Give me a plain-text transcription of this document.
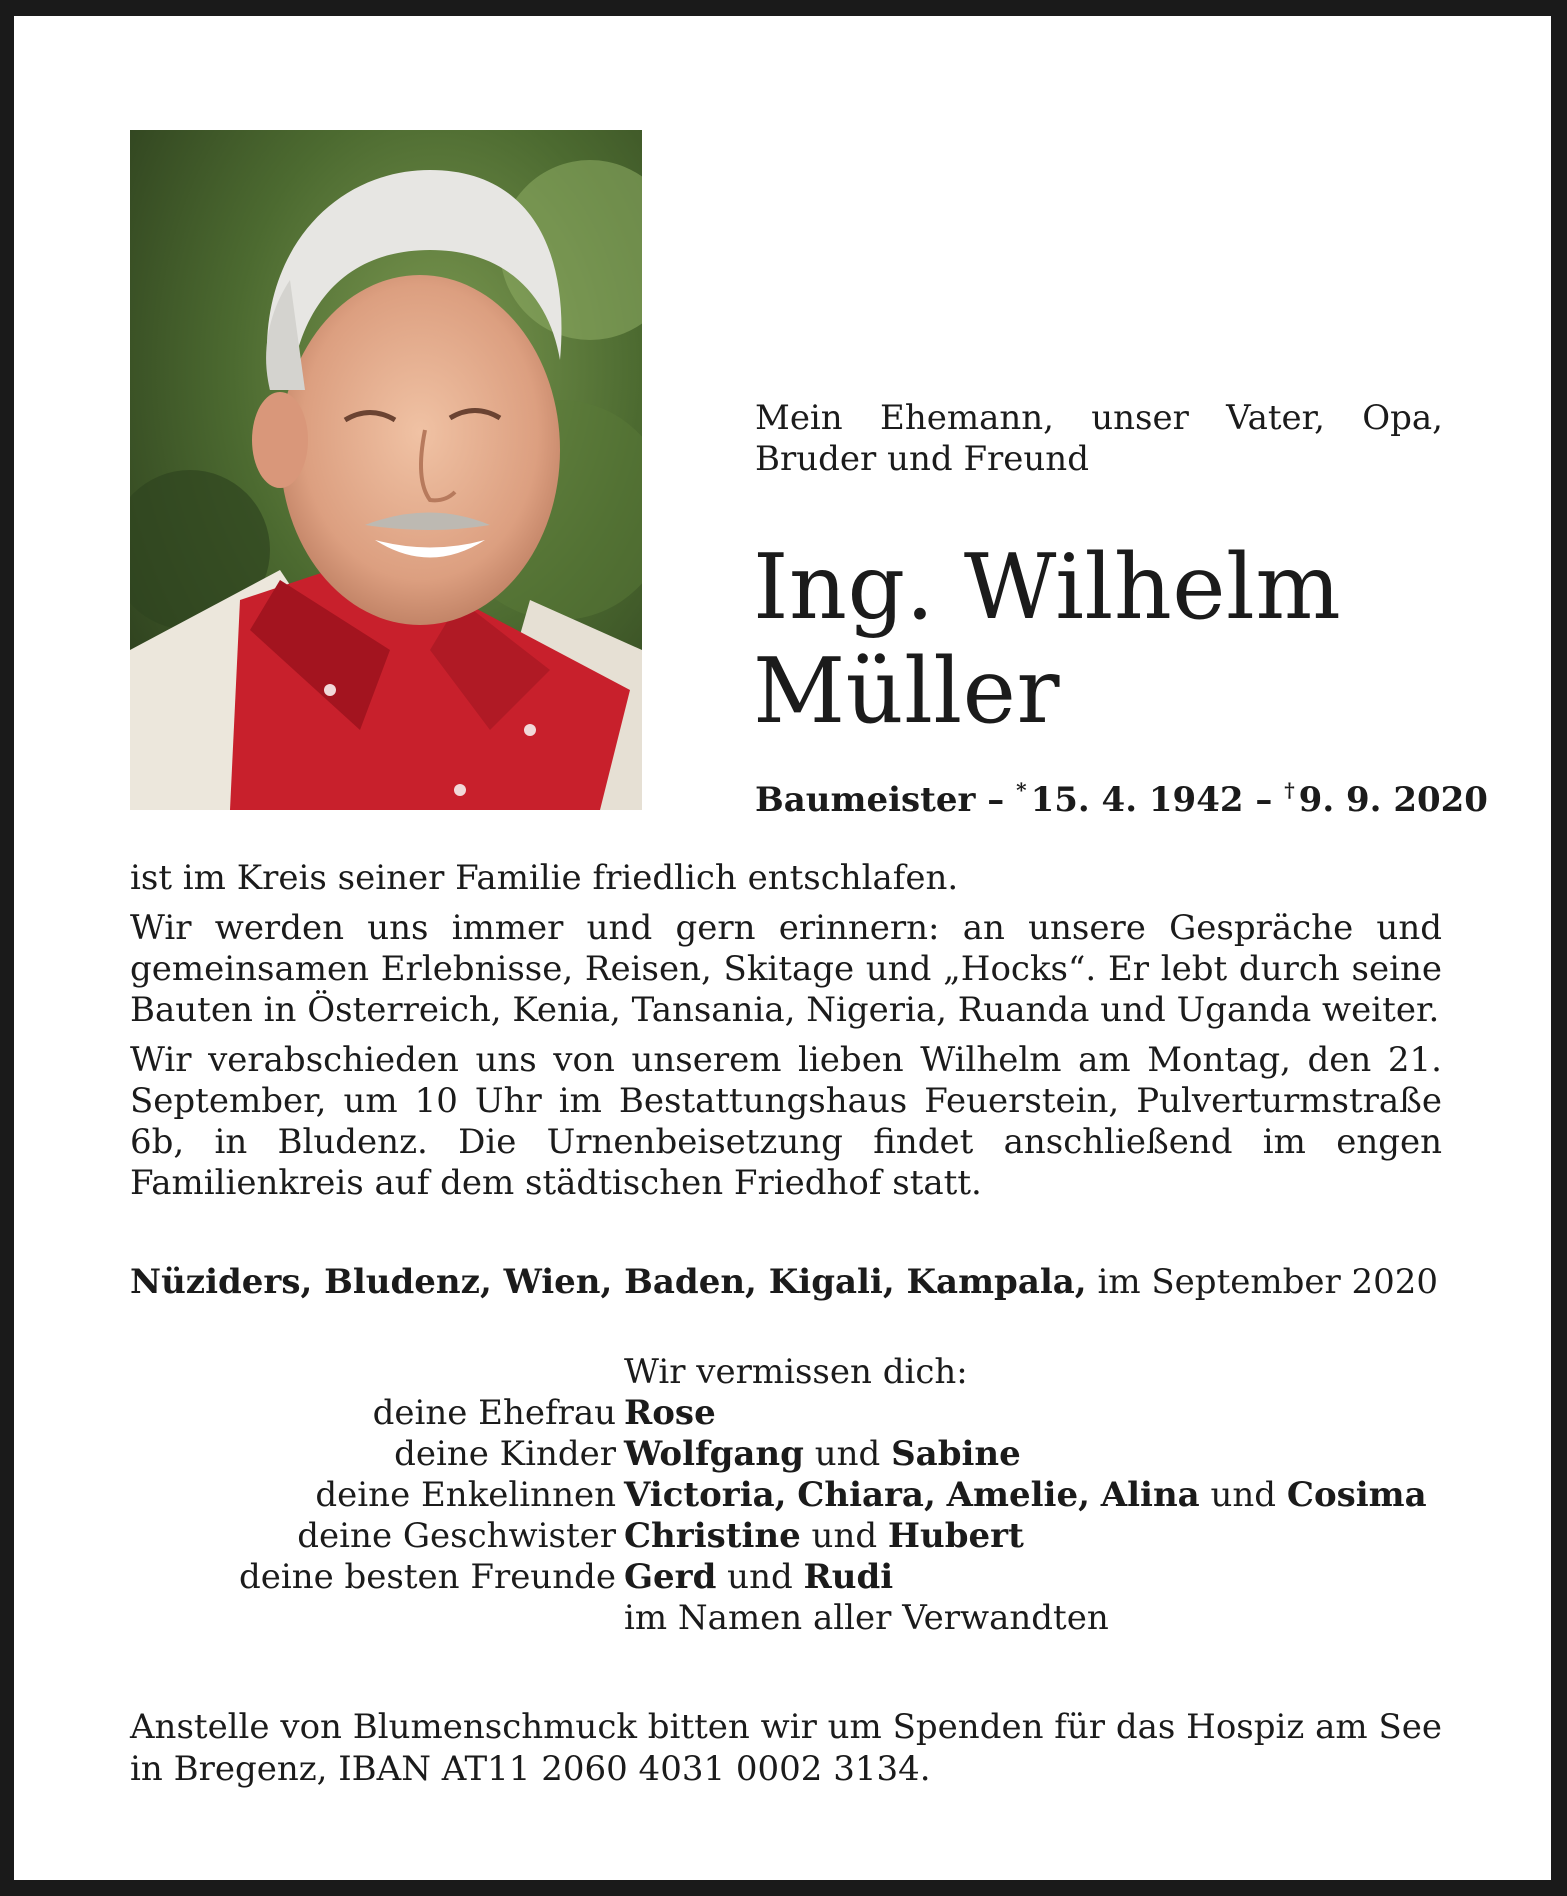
Mein Ehemann, unser Vater, Opa, Bruder und Freund
Ing. Wilhelm
Müller
Baumeister – * 15. 4. 1942 – † 9. 9. 2020

ist im Kreis seiner Familie friedlich entschlafen.

Wir werden uns immer und gern erinnern: an unsere Gespräche und gemeinsamen Erlebnisse, Reisen, Skitage und „Hocks“. Er lebt durch seine Bauten in Österreich, Kenia, Tansania, Nigeria, Ruanda und Uganda weiter.

Wir verabschieden uns von unserem lieben Wilhelm am Montag, den 21. September, um 10 Uhr im Bestattungshaus Feuerstein, Pulverturmstraße 6b, in Bludenz. Die Urnenbeisetzung findet anschließend im engen Familienkreis auf dem städtischen Friedhof statt.

Nüziders, Bludenz, Wien, Baden, Kigali, Kampala, im September 2020
Wir vermissen dich:
deine Ehefrau Rose
deine Kinder Wolfgang und Sabine
deine Enkelinnen Victoria, Chiara, Amelie, Alina und Cosima
deine Geschwister Christine und Hubert
deine besten Freunde Gerd und Rudi
im Namen aller Verwandten
Anstelle von Blumenschmuck bitten wir um Spenden für das Hospiz am See in Bregenz, IBAN AT11 2060 4031 0002 3134.
